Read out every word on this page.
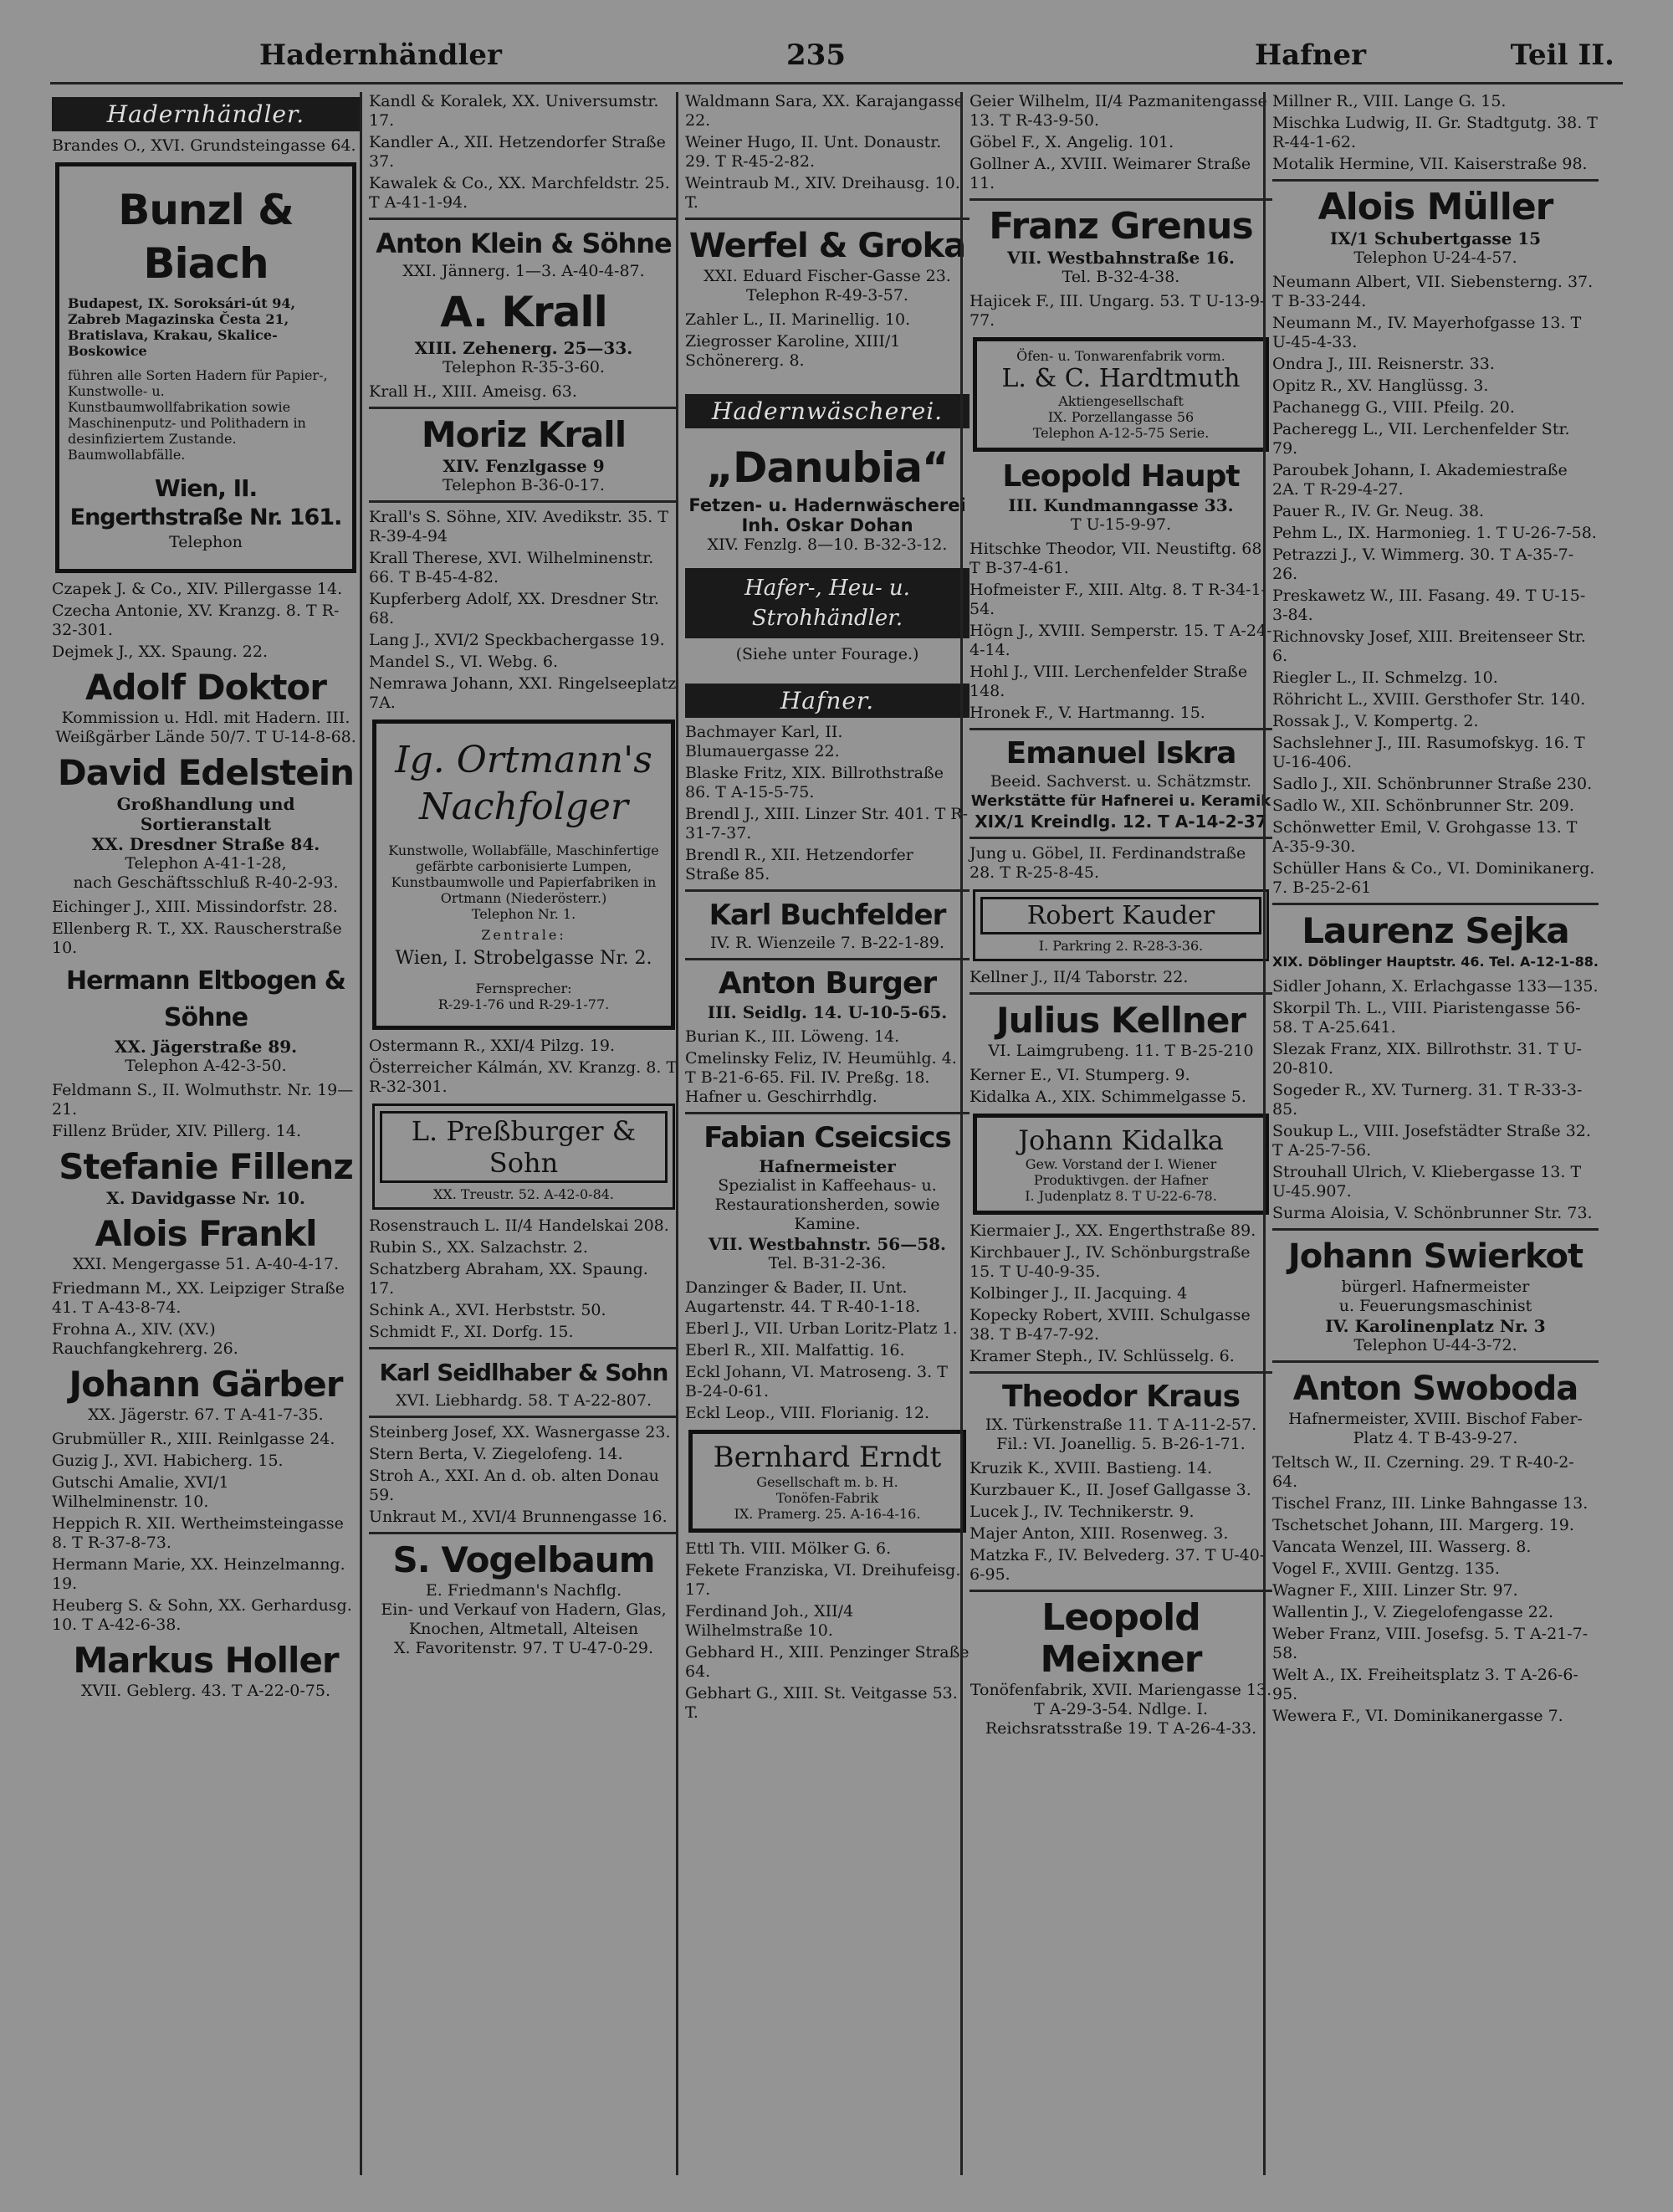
Hadernhändler	235	Hafner	Teil II.
Hadernhändler.

Brandes O., XVI. Grundsteingasse 64.

Bunzl & Biach
Budapest, IX. Soroksári-út 94, Zabreb Magazinska Česta 21, Bratislava, Krakau, Skalice-Boskowice
führen alle Sorten Hadern für Papier-, Kunstwolle- u. Kunstbaumwollfabrikation sowie Maschinenputz- und Polithadern in desinfiziertem Zustande. Baumwollabfälle.
Wien, II.
Engerthstraße Nr. 161.
Telephon

Czapek J. & Co., XIV. Pillergasse 14.

Czecha Antonie, XV. Kranzg. 8. T R-32-301.

Dejmek J., XX. Spaung. 22.

Adolf Doktor
Kommission u. Hdl. mit Hadern. III. Weißgärber Lände 50/7. T U-14-8-68.
David Edelstein
Großhandlung und Sortieranstalt
XX. Dresdner Straße 84.
Telephon A-41-1-28,
nach Geschäftsschluß R-40-2-93.

Eichinger J., XIII. Missindorfstr. 28.

Ellenberg R. T., XX. Rauscherstraße 10.

Hermann Eltbogen & Söhne
XX. Jägerstraße 89.
Telephon A-42-3-50.

Feldmann S., II. Wolmuthstr. Nr. 19—21.

Fillenz Brüder, XIV. Pillerg. 14.

Stefanie Fillenz
X. Davidgasse Nr. 10.
Alois Frankl
XXI. Mengergasse 51. A-40-4-17.

Friedmann M., XX. Leipziger Straße 41. T A-43-8-74.

Frohna A., XIV. (XV.) Rauchfangkehrerg. 26.

Johann Gärber
XX. Jägerstr. 67. T A-41-7-35.

Grubmüller R., XIII. Reinlgasse 24.

Guzig J., XVI. Habicherg. 15.

Gutschi Amalie, XVI/1 Wilhelminenstr. 10.

Heppich R. XII. Wertheimsteingasse 8. T R-37-8-73.

Hermann Marie, XX. Heinzelmanng. 19.

Heuberg S. & Sohn, XX. Gerhardusg. 10. T A-42-6-38.

Markus Holler
XVII. Geblerg. 43. T A-22-0-75.

Kandl & Koralek, XX. Universumstr. 17.

Kandler A., XII. Hetzendorfer Straße 37.

Kawalek & Co., XX. Marchfeldstr. 25. T A-41-1-94.

Anton Klein & Söhne
XXI. Jännerg. 1—3. A-40-4-87.
A. Krall
XIII. Zehenerg. 25—33.
Telephon R-35-3-60.

Krall H., XIII. Ameisg. 63.

Moriz Krall
XIV. Fenzlgasse 9
Telephon B-36-0-17.

Krall's S. Söhne, XIV. Avedikstr. 35. T R-39-4-94

Krall Therese, XVI. Wilhelminenstr. 66. T B-45-4-82.

Kupferberg Adolf, XX. Dresdner Str. 68.

Lang J., XVI/2 Speckbachergasse 19.

Mandel S., VI. Webg. 6.

Nemrawa Johann, XXI. Ringelseeplatz 7A.

Ig. Ortmann's
Nachfolger
Kunstwolle, Wollabfälle, Maschinfertige gefärbte carbonisierte Lumpen, Kunstbaumwolle und Papierfabriken in Ortmann (Niederösterr.)
Telephon Nr. 1.
Zentrale:
Wien, I. Strobelgasse Nr. 2.
Fernsprecher:
R-29-1-76 und R-29-1-77.

Ostermann R., XXI/4 Pilzg. 19.

Österreicher Kálmán, XV. Kranzg. 8. T R-32-301.

L. Preßburger & Sohn
XX. Treustr. 52. A-42-0-84.

Rosenstrauch L. II/4 Handelskai 208.

Rubin S., XX. Salzachstr. 2.

Schatzberg Abraham, XX. Spaung. 17.

Schink A., XVI. Herbststr. 50.

Schmidt F., XI. Dorfg. 15.

Karl Seidlhaber & Sohn
XVI. Liebhardg. 58. T A-22-807.

Steinberg Josef, XX. Wasnergasse 23.

Stern Berta, V. Ziegelofeng. 14.

Stroh A., XXI. An d. ob. alten Donau 59.

Unkraut M., XVI/4 Brunnengasse 16.

S. Vogelbaum
E. Friedmann's Nachflg.
Ein- und Verkauf von Hadern, Glas, Knochen, Altmetall, Alteisen
X. Favoritenstr. 97. T U-47-0-29.

Waldmann Sara, XX. Karajangasse 22.

Weiner Hugo, II. Unt. Donaustr. 29. T R-45-2-82.

Weintraub M., XIV. Dreihausg. 10. T.

Werfel & Groka
XXI. Eduard Fischer-Gasse 23.
Telephon R-49-3-57.

Zahler L., II. Marinellig. 10.

Ziegrosser Karoline, XIII/1 Schönererg. 8.

Hadernwäscherei.
„Danubia“
Fetzen- u. Hadernwäscherei
Inh. Oskar Dohan
XIV. Fenzlg. 8—10. B-32-3-12.
Hafer-, Heu- u. Strohhändler.
(Siehe unter Fourage.)
Hafner.

Bachmayer Karl, II. Blumauergasse 22.

Blaske Fritz, XIX. Billrothstraße 86. T A-15-5-75.

Brendl J., XIII. Linzer Str. 401. T R-31-7-37.

Brendl R., XII. Hetzendorfer Straße 85.

Karl Buchfelder
IV. R. Wienzeile 7. B-22-1-89.
Anton Burger
III. Seidlg. 14. U-10-5-65.

Burian K., III. Löweng. 14.

Cmelinsky Feliz, IV. Heumühlg. 4. T B-21-6-65. Fil. IV. Preßg. 18. Hafner u. Geschirrhdlg.

Fabian Cseicsics
Hafnermeister
Spezialist in Kaffeehaus- u. Restaurationsherden, sowie Kamine.
VII. Westbahnstr. 56—58.
Tel. B-31-2-36.

Danzinger & Bader, II. Unt. Augartenstr. 44. T R-40-1-18.

Eberl J., VII. Urban Loritz-Platz 1.

Eberl R., XII. Malfattig. 16.

Eckl Johann, VI. Matroseng. 3. T B-24-0-61.

Eckl Leop., VIII. Florianig. 12.

Bernhard Erndt
Gesellschaft m. b. H.
Tonöfen-Fabrik
IX. Pramerg. 25. A-16-4-16.

Ettl Th. VIII. Mölker G. 6.

Fekete Franziska, VI. Dreihufeisg. 17.

Ferdinand Joh., XII/4 Wilhelmstraße 10.

Gebhard H., XIII. Penzinger Straße 64.

Gebhart G., XIII. St. Veitgasse 53. T.

Geier Wilhelm, II/4 Pazmanitengasse 13. T R-43-9-50.

Göbel F., X. Angelig. 101.

Gollner A., XVIII. Weimarer Straße 11.

Franz Grenus
VII. Westbahnstraße 16.
Tel. B-32-4-38.

Hajicek F., III. Ungarg. 53. T U-13-9-77.

Öfen- u. Tonwarenfabrik vorm.
L. & C. Hardtmuth
Aktiengesellschaft
IX. Porzellangasse 56
Telephon A-12-5-75 Serie.
Leopold Haupt
III. Kundmanngasse 33.
T U-15-9-97.

Hitschke Theodor, VII. Neustiftg. 68. T B-37-4-61.

Hofmeister F., XIII. Altg. 8. T R-34-1-54.

Högn J., XVIII. Semperstr. 15. T A-24-4-14.

Hohl J., VIII. Lerchenfelder Straße 148.

Hronek F., V. Hartmanng. 15.

Emanuel Iskra
Beeid. Sachverst. u. Schätzmstr.
Werkstätte für Hafnerei u. Keramik
XIX/1 Kreindlg. 12. T A-14-2-37

Jung u. Göbel, II. Ferdinandstraße 28. T R-25-8-45.

Robert Kauder
I. Parkring 2. R-28-3-36.

Kellner J., II/4 Taborstr. 22.

Julius Kellner
VI. Laimgrubeng. 11. T B-25-210

Kerner E., VI. Stumperg. 9.

Kidalka A., XIX. Schimmelgasse 5.

Johann Kidalka
Gew. Vorstand der I. Wiener
Produktivgen. der Hafner
I. Judenplatz 8. T U-22-6-78.

Kiermaier J., XX. Engerthstraße 89.

Kirchbauer J., IV. Schönburgstraße 15. T U-40-9-35.

Kolbinger J., II. Jacquing. 4

Kopecky Robert, XVIII. Schulgasse 38. T B-47-7-92.

Kramer Steph., IV. Schlüsselg. 6.

Theodor Kraus
IX. Türkenstraße 11. T A-11-2-57.
Fil.: VI. Joanellig. 5. B-26-1-71.

Kruzik K., XVIII. Bastieng. 14.

Kurzbauer K., II. Josef Gallgasse 3.

Lucek J., IV. Technikerstr. 9.

Majer Anton, XIII. Rosenweg. 3.

Matzka F., IV. Belvederg. 37. T U-40-6-95.

Leopold Meixner
Tonöfenfabrik, XVII. Mariengasse 13. T A-29-3-54. Ndlge. I. Reichsratsstraße 19. T A-26-4-33.

Millner R., VIII. Lange G. 15.

Mischka Ludwig, II. Gr. Stadtgutg. 38. T R-44-1-62.

Motalik Hermine, VII. Kaiserstraße 98.

Alois Müller
IX/1 Schubertgasse 15
Telephon U-24-4-57.

Neumann Albert, VII. Siebensterng. 37. T B-33-244.

Neumann M., IV. Mayerhofgasse 13. T U-45-4-33.

Ondra J., III. Reisnerstr. 33.

Opitz R., XV. Hanglüssg. 3.

Pachanegg G., VIII. Pfeilg. 20.

Pacheregg L., VII. Lerchenfelder Str. 79.

Paroubek Johann, I. Akademiestraße 2A. T R-29-4-27.

Pauer R., IV. Gr. Neug. 38.

Pehm L., IX. Harmonieg. 1. T U-26-7-58.

Petrazzi J., V. Wimmerg. 30. T A-35-7-26.

Preskawetz W., III. Fasang. 49. T U-15-3-84.

Richnovsky Josef, XIII. Breitenseer Str. 6.

Riegler L., II. Schmelzg. 10.

Röhricht L., XVIII. Gersthofer Str. 140.

Rossak J., V. Kompertg. 2.

Sachslehner J., III. Rasumofskyg. 16. T U-16-406.

Sadlo J., XII. Schönbrunner Straße 230.

Sadlo W., XII. Schönbrunner Str. 209.

Schönwetter Emil, V. Grohgasse 13. T A-35-9-30.

Schüller Hans & Co., VI. Dominikanerg. 7. B-25-2-61

Laurenz Sejka
XIX. Döblinger Hauptstr. 46. Tel. A-12-1-88.

Sidler Johann, X. Erlachgasse 133—135.

Skorpil Th. L., VIII. Piaristengasse 56-58. T A-25.641.

Slezak Franz, XIX. Billrothstr. 31. T U-20-810.

Sogeder R., XV. Turnerg. 31. T R-33-3-85.

Soukup L., VIII. Josefstädter Straße 32. T A-25-7-56.

Strouhall Ulrich, V. Kliebergasse 13. T U-45.907.

Surma Aloisia, V. Schönbrunner Str. 73.

Johann Swierkot
bürgerl. Hafnermeister
u. Feuerungsmaschinist
IV. Karolinenplatz Nr. 3
Telephon U-44-3-72.
Anton Swoboda
Hafnermeister, XVIII. Bischof Faber-Platz 4. T B-43-9-27.

Teltsch W., II. Czerning. 29. T R-40-2-64.

Tischel Franz, III. Linke Bahngasse 13.

Tschetschet Johann, III. Margerg. 19.

Vancata Wenzel, III. Wasserg. 8.

Vogel F., XVIII. Gentzg. 135.

Wagner F., XIII. Linzer Str. 97.

Wallentin J., V. Ziegelofengasse 22.

Weber Franz, VIII. Josefsg. 5. T A-21-7-58.

Welt A., IX. Freiheitsplatz 3. T A-26-6-95.

Wewera F., VI. Dominikanergasse 7.
